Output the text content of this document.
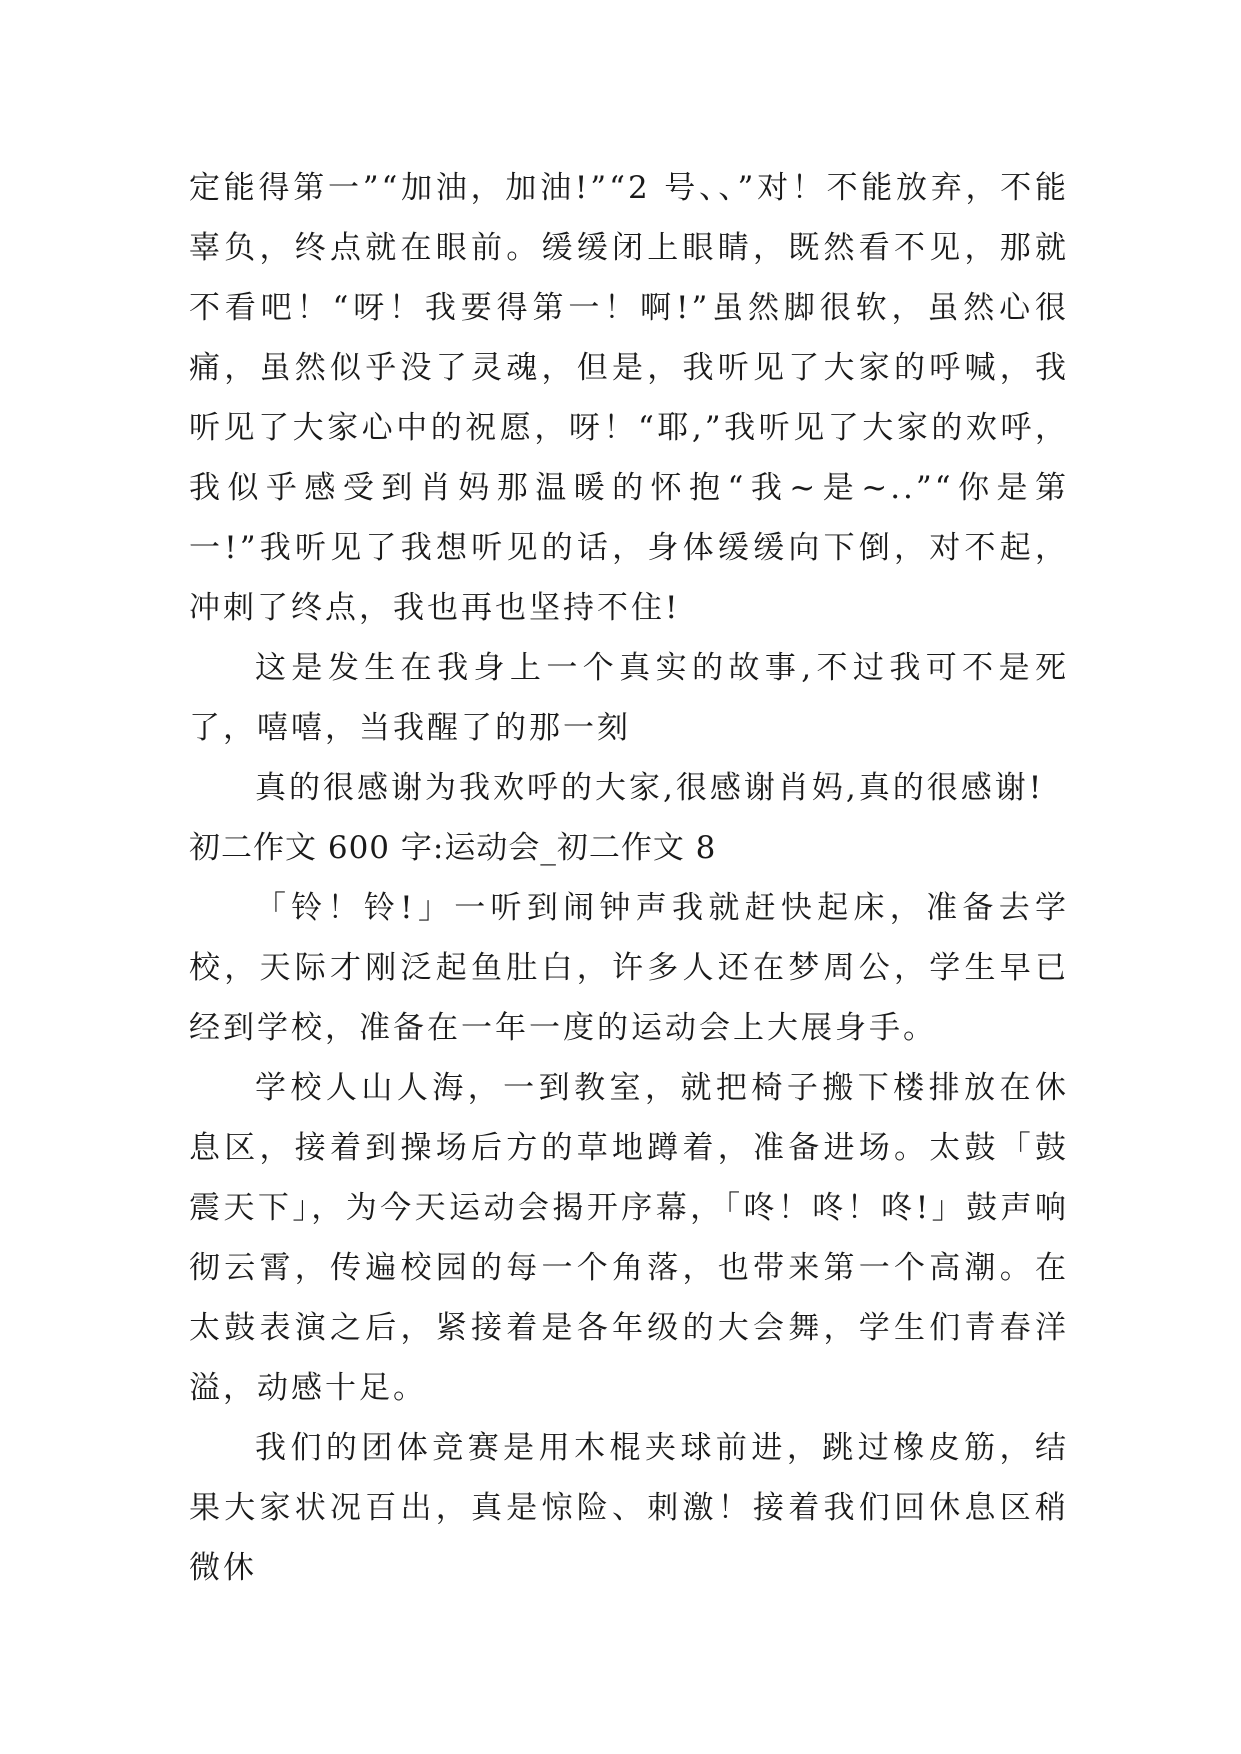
定能得第一”“加油，加油!”“2 号、、”对！不能放弃，不能辜负，终点就在眼前。缓缓闭上眼睛，既然看不见，那就不看吧！“呀！我要得第一！啊!”虽然脚很软，虽然心很痛，虽然似乎没了灵魂，但是，我听见了大家的呼喊，我听见了大家心中的祝愿，呀！“耶,”我听见了大家的欢呼，我似乎感受到肖妈那温暖的怀抱“我~是~..”“你是第一!”我听见了我想听见的话，身体缓缓向下倒，对不起，冲刺了终点，我也再也坚持不住!

这是发生在我身上一个真实的故事,不过我可不是死了，嘻嘻，当我醒了的那一刻

真的很感谢为我欢呼的大家,很感谢肖妈,真的很感谢!

初二作文 600 字:运动会_初二作文 8

「铃！铃!」一听到闹钟声我就赶快起床，准备去学校，天际才刚泛起鱼肚白，许多人还在梦周公，学生早已经到学校，准备在一年一度的运动会上大展身手。

学校人山人海，一到教室，就把椅子搬下楼排放在休息区，接着到操场后方的草地蹲着，准备进场。太鼓「鼓震天下」，为今天运动会揭开序幕，「咚！咚！咚!」鼓声响彻云霄，传遍校园的每一个角落，也带来第一个高潮。在太鼓表演之后，紧接着是各年级的大会舞，学生们青春洋溢，动感十足。

我们的团体竞赛是用木棍夹球前进，跳过橡皮筋，结果大家状况百出，真是惊险、刺激！接着我们回休息区稍微休
